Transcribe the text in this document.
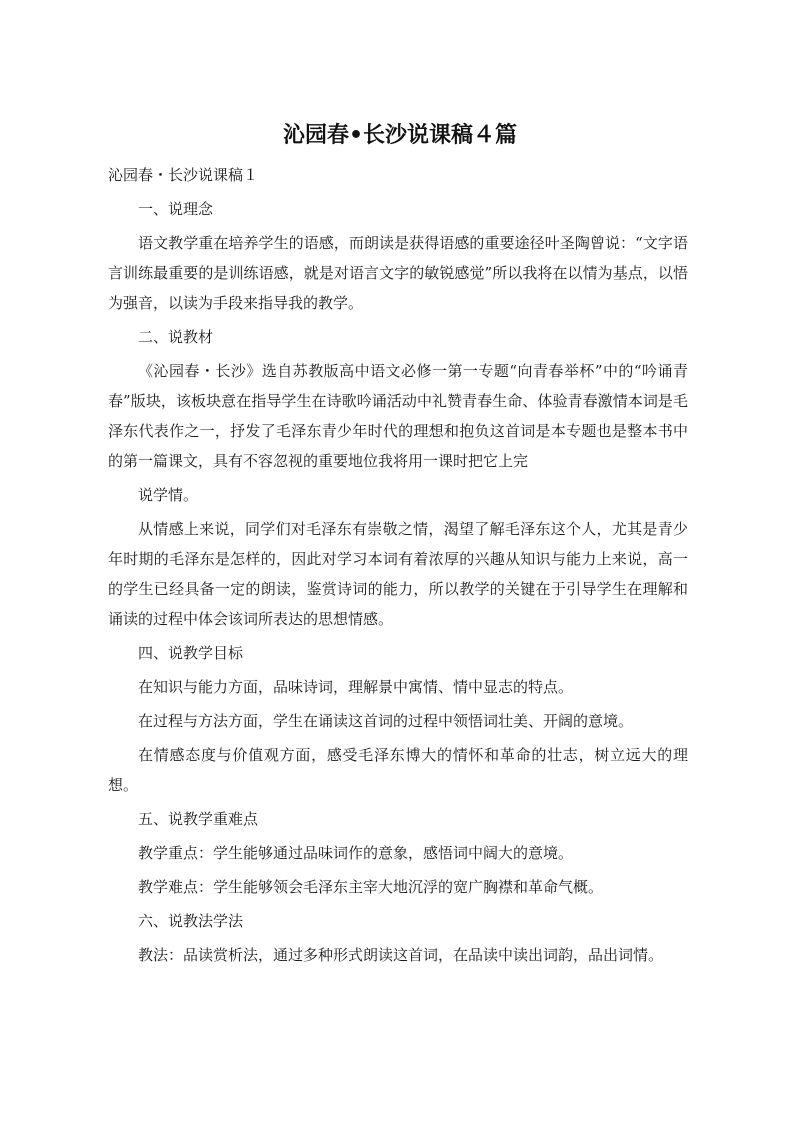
沁园春•长沙说课稿４篇

沁园春・长沙说课稿１

一、说理念

语文教学重在培养学生的语感，而朗读是获得语感的重要途径叶圣陶曾说：“文字语言训练最重要的是训练语感，就是对语言文字的敏锐感觉”所以我将在以情为基点，以悟为强音，以读为手段来指导我的教学。

二、说教材

《沁园春・长沙》选自苏教版高中语文必修一第一专题“向青春举杯”中的“吟诵青春”版块，该板块意在指导学生在诗歌吟诵活动中礼赞青春生命、体验青春激情本词是毛泽东代表作之一，抒发了毛泽东青少年时代的理想和抱负这首词是本专题也是整本书中的第一篇课文，具有不容忽视的重要地位我将用一课时把它上完

说学情。

从情感上来说，同学们对毛泽东有崇敬之情，渴望了解毛泽东这个人，尤其是青少年时期的毛泽东是怎样的，因此对学习本词有着浓厚的兴趣从知识与能力上来说，高一的学生已经具备一定的朗读，鉴赏诗词的能力，所以教学的关键在于引导学生在理解和诵读的过程中体会该词所表达的思想情感。

四、说教学目标

在知识与能力方面，品味诗词，理解景中寓情、情中显志的特点。

在过程与方法方面，学生在诵读这首词的过程中领悟词壮美、开阔的意境。

在情感态度与价值观方面，感受毛泽东博大的情怀和革命的壮志，树立远大的理想。

五、说教学重难点

教学重点：学生能够通过品味词作的意象，感悟词中阔大的意境。

教学难点：学生能够领会毛泽东主宰大地沉浮的宽广胸襟和革命气概。

六、说教法学法

教法：品读赏析法，通过多种形式朗读这首词，在品读中读出词韵，品出词情。
